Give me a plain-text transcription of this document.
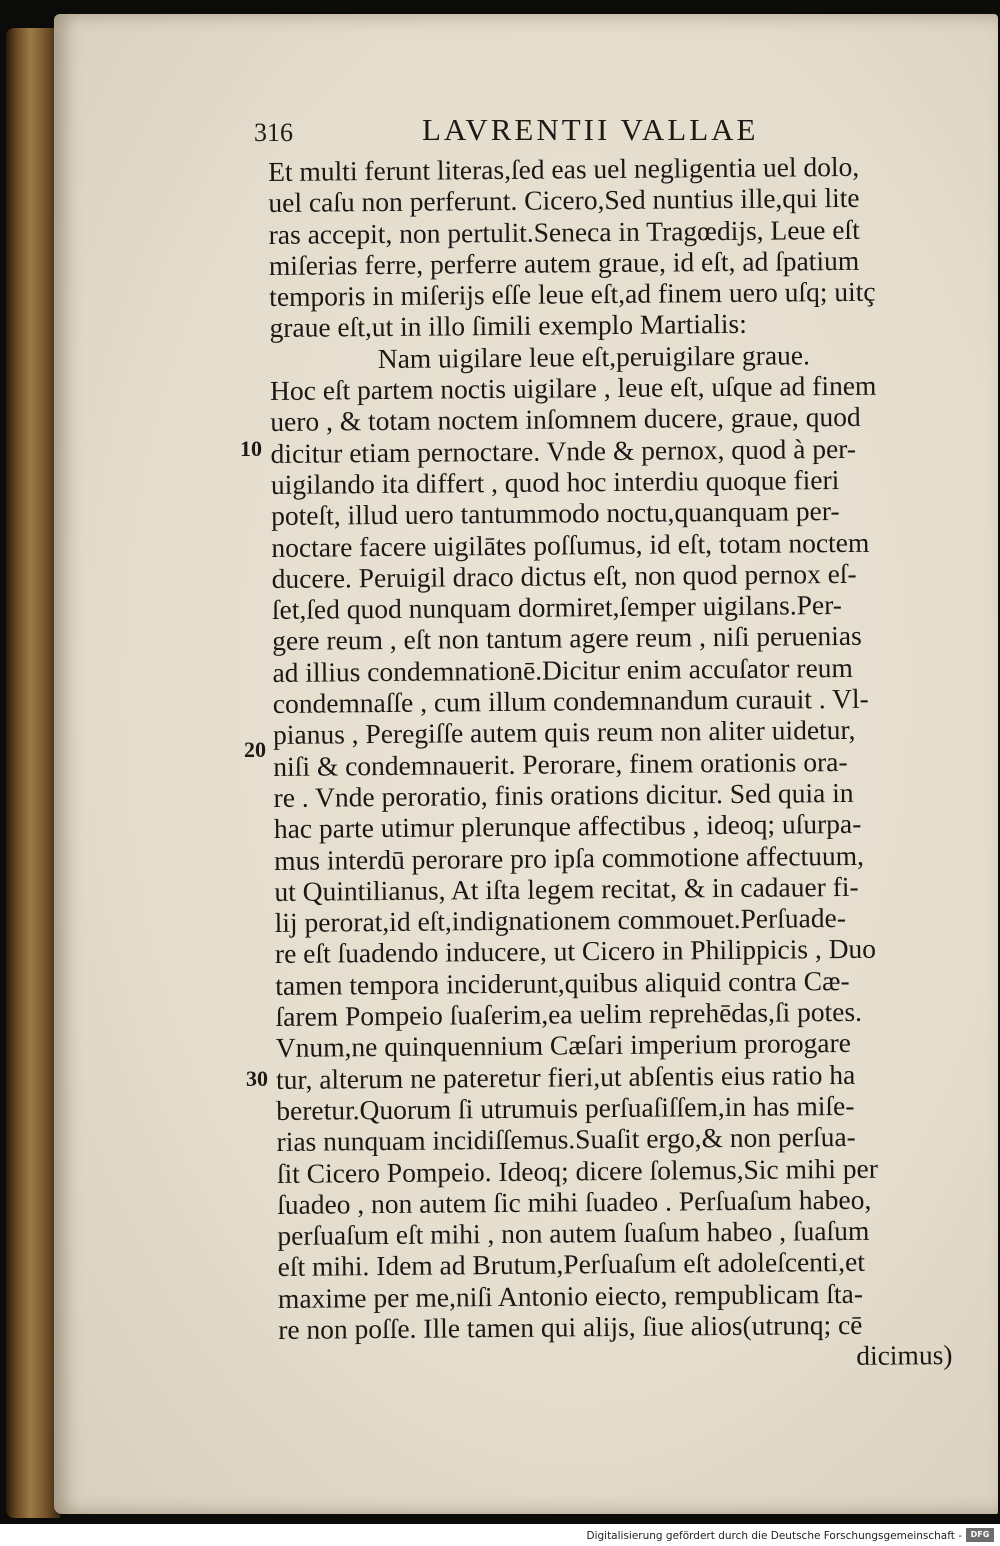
316	LAVRENTII VALLAE
10
20
30
Et multi ferunt literas,ſed eas uel negligentia uel dolo,
uel caſu non perferunt. Cicero,Sed nuntius ille,qui lite
ras accepit, non pertulit.Seneca in Tragœdijs, Leue eſt
miſerias ferre, perferre autem graue, id eſt, ad ſpatium
temporis in miſerijs eſſe leue eſt,ad finem uero uſq; uitç
graue eſt,ut in illo ſimili exemplo Martialis:
Nam uigilare leue eſt,peruigilare graue.
Hoc eſt partem noctis uigilare , leue eſt, uſque ad finem
uero , & totam noctem inſomnem ducere, graue, quod
dicitur etiam pernoctare. Vnde & pernox, quod à per-
uigilando ita differt , quod hoc interdiu quoque fieri
poteſt, illud uero tantummodo noctu,quanquam per-
noctare facere uigilātes poſſumus, id eſt, totam noctem
ducere. Peruigil draco dictus eſt, non quod pernox eſ-
ſet,ſed quod nunquam dormiret,ſemper uigilans.Per-
gere reum , eſt non tantum agere reum , niſi peruenias
ad illius condemnationē.Dicitur enim accuſator reum
condemnaſſe , cum illum condemnandum curauit . Vl-
pianus , Peregiſſe autem quis reum non aliter uidetur,
niſi & condemnauerit. Perorare, finem orationis ora-
re . Vnde peroratio, finis orations dicitur. Sed quia in
hac parte utimur plerunque affectibus , ideoq; uſurpa-
mus interdū perorare pro ipſa commotione affectuum,
ut Quintilianus, At iſta legem recitat, & in cadauer fi-
lij perorat,id eſt,indignationem commouet.Perſuade-
re eſt ſuadendo inducere, ut Cicero in Philippicis , Duo
tamen tempora inciderunt,quibus aliquid contra Cæ-
ſarem Pompeio ſuaſerim,ea uelim reprehēdas,ſi potes.
Vnum,ne quinquennium Cæſari imperium prorogare
tur, alterum ne pateretur fieri,ut abſentis eius ratio ha
beretur.Quorum ſi utrumuis perſuaſiſſem,in has miſe-
rias nunquam incidiſſemus.Suaſit ergo,& non perſua-
ſit Cicero Pompeio. Ideoq; dicere ſolemus,Sic mihi per
ſuadeo , non autem ſic mihi ſuadeo . Perſuaſum habeo,
perſuaſum eſt mihi , non autem ſuaſum habeo , ſuaſum
eſt mihi. Idem ad Brutum,Perſuaſum eſt adoleſcenti,et
maxime per me,niſi Antonio eiecto, rempublicam ſta-
re non poſſe. Ille tamen qui alijs, ſiue alios(utrunq; cē
dicimus)
Digitalisierung gefördert durch die Deutsche Forschungsgemeinschaft -	DFG
